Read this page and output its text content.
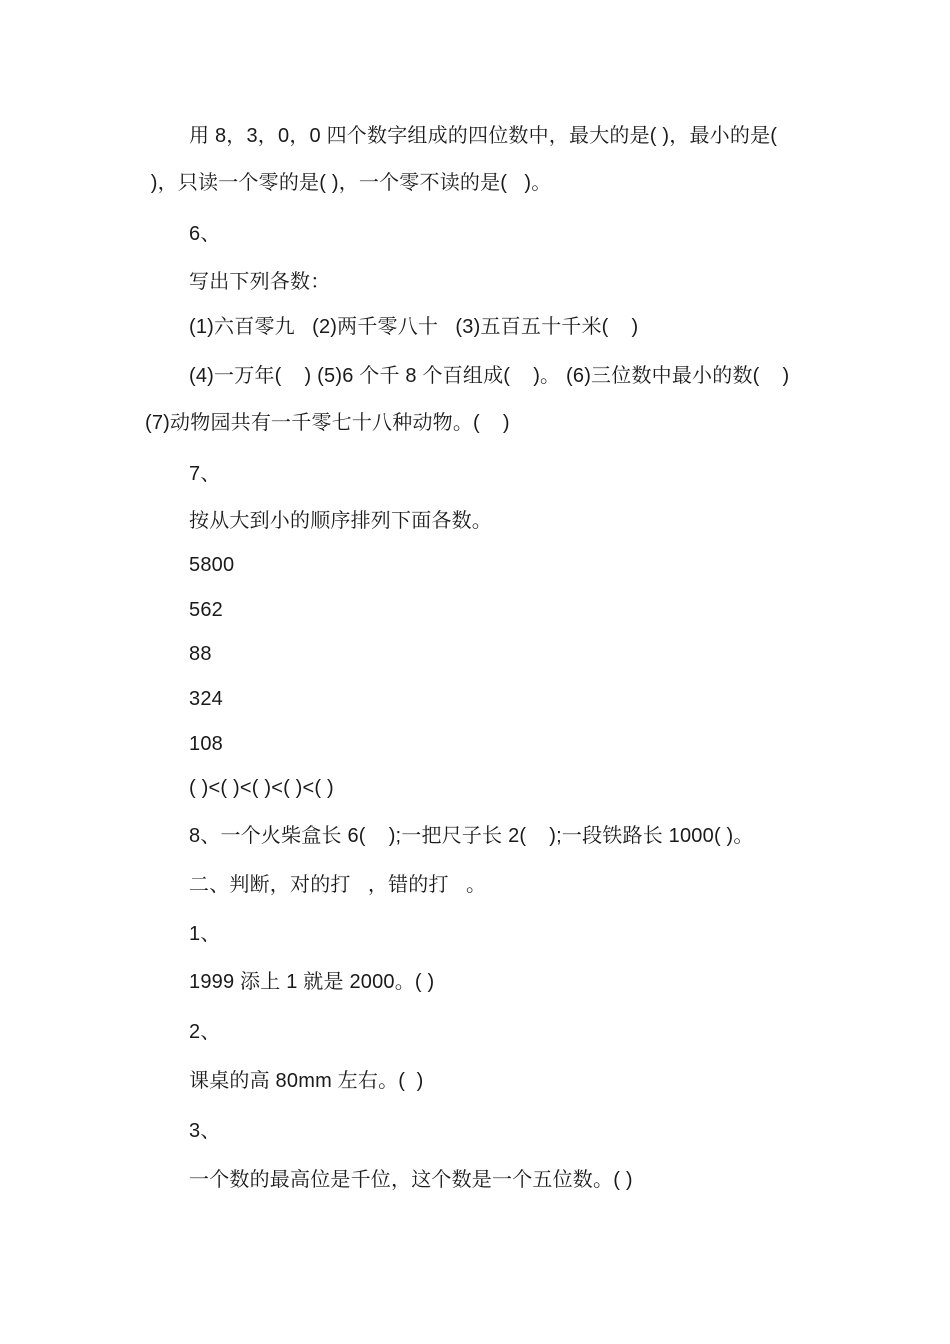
用 8，3，0，0 四个数字组成的四位数中，最大的是( )，最小的是(
)，只读一个零的是( )，一个零不读的是(   )。
6、
写出下列各数：
(1)六百零九   (2)两千零八十   (3)五百五十千米(    )
(4)一万年(    ) (5)6 个千 8 个百组成(    )。 (6)三位数中最小的数(    )
(7)动物园共有一千零七十八种动物。(    )
7、
按从大到小的顺序排列下面各数。
5800
562
88
324
108
( )<( )<( )<( )<( )
8、一个火柴盒长 6(    );一把尺子长 2(    );一段铁路长 1000( )。
二、判断，对的打   ，错的打   。
1、
1999 添上 1 就是 2000。( )
2、
课桌的高 80mm 左右。(  )
3、
一个数的最高位是千位，这个数是一个五位数。( )
